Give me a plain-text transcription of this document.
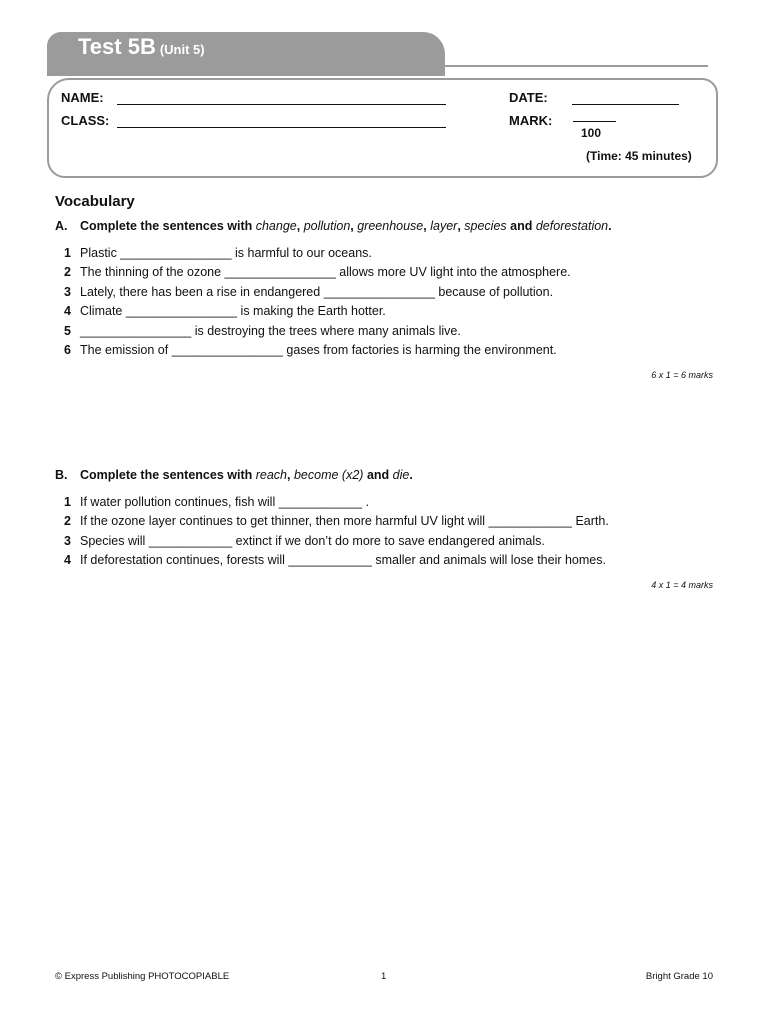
Test 5B (Unit 5)
NAME:
CLASS:
DATE:
MARK:
100
(Time: 45 minutes)
Vocabulary
A. Complete the sentences with change, pollution, greenhouse, layer, species and deforestation.
1 Plastic ________________ is harmful to our oceans.
2 The thinning of the ozone ________________ allows more UV light into the atmosphere.
3 Lately, there has been a rise in endangered ________________ because of pollution.
4 Climate ________________ is making the Earth hotter.
5 ________________ is destroying the trees where many animals live.
6 The emission of ________________ gases from factories is harming the environment.
6 x 1 = 6 marks
B. Complete the sentences with reach, become (x2) and die.
1 If water pollution continues, fish will ____________ .
2 If the ozone layer continues to get thinner, then more harmful UV light will ____________ Earth.
3 Species will ____________ extinct if we don’t do more to save endangered animals.
4 If deforestation continues, forests will ____________ smaller and animals will lose their homes.
4 x 1 = 4 marks
© Express Publishing PHOTOCOPIABLE	1	Bright Grade 10
